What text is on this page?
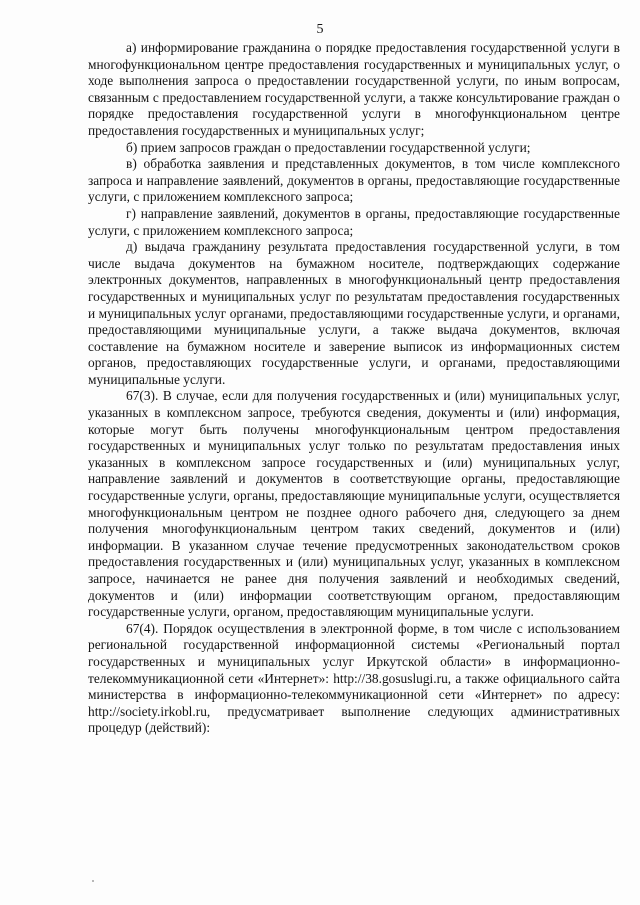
5

а) информирование гражданина о порядке предоставления государственной услуги в многофункциональном центре предоставления государственных и муниципальных услуг, о ходе выполнения запроса о предоставлении государственной услуги, по иным вопросам, связанным с предоставлением государственной услуги, а также консультирование граждан о порядке предоставления государственной услуги в многофункциональном центре предоставления государственных и муниципальных услуг;

б) прием запросов граждан о предоставлении государственной услуги;

в) обработка заявления и представленных документов, в том числе комплексного запроса и направление заявлений, документов в органы, предоставляющие государственные услуги, с приложением комплексного запроса;

г) направление заявлений, документов в органы, предоставляющие государственные услуги, с приложением комплексного запроса;

д) выдача гражданину результата предоставления государственной услуги, в том числе выдача документов на бумажном носителе, подтверждающих содержание электронных документов, направленных в многофункциональный центр предоставления государственных и муниципальных услуг по результатам предоставления государственных и муниципальных услуг органами, предоставляющими государственные услуги, и органами, предоставляющими муниципальные услуги, а также выдача документов, включая составление на бумажном носителе и заверение выписок из информационных систем органов, предоставляющих государственные услуги, и органами, предоставляющими муниципальные услуги.

67(3). В случае, если для получения государственных и (или) муниципальных услуг, указанных в комплексном запросе, требуются сведения, документы и (или) информация, которые могут быть получены многофункциональным центром предоставления государственных и муниципальных услуг только по результатам предоставления иных указанных в комплексном запросе государственных и (или) муниципальных услуг, направление заявлений и документов в соответствующие органы, предоставляющие государственные услуги, органы, предоставляющие муниципальные услуги, осуществляется многофункциональным центром не позднее одного рабочего дня, следующего за днем получения многофункциональным центром таких сведений, документов и (или) информации. В указанном случае течение предусмотренных законодательством сроков предоставления государственных и (или) муниципальных услуг, указанных в комплексном запросе, начинается не ранее дня получения заявлений и необходимых сведений, документов и (или) информации соответствующим органом, предоставляющим государственные услуги, органом, предоставляющим муниципальные услуги.

67(4). Порядок осуществления в электронной форме, в том числе с использованием региональной государственной информационной системы «Региональный портал государственных и муниципальных услуг Иркутской области» в информационно-телекоммуникационной сети «Интернет»: http://38.gosuslugi.ru, а также официального сайта министерства в информационно-телекоммуникационной сети «Интернет» по адресу: http://society.irkobl.ru, предусматривает выполнение следующих административных процедур (действий):
